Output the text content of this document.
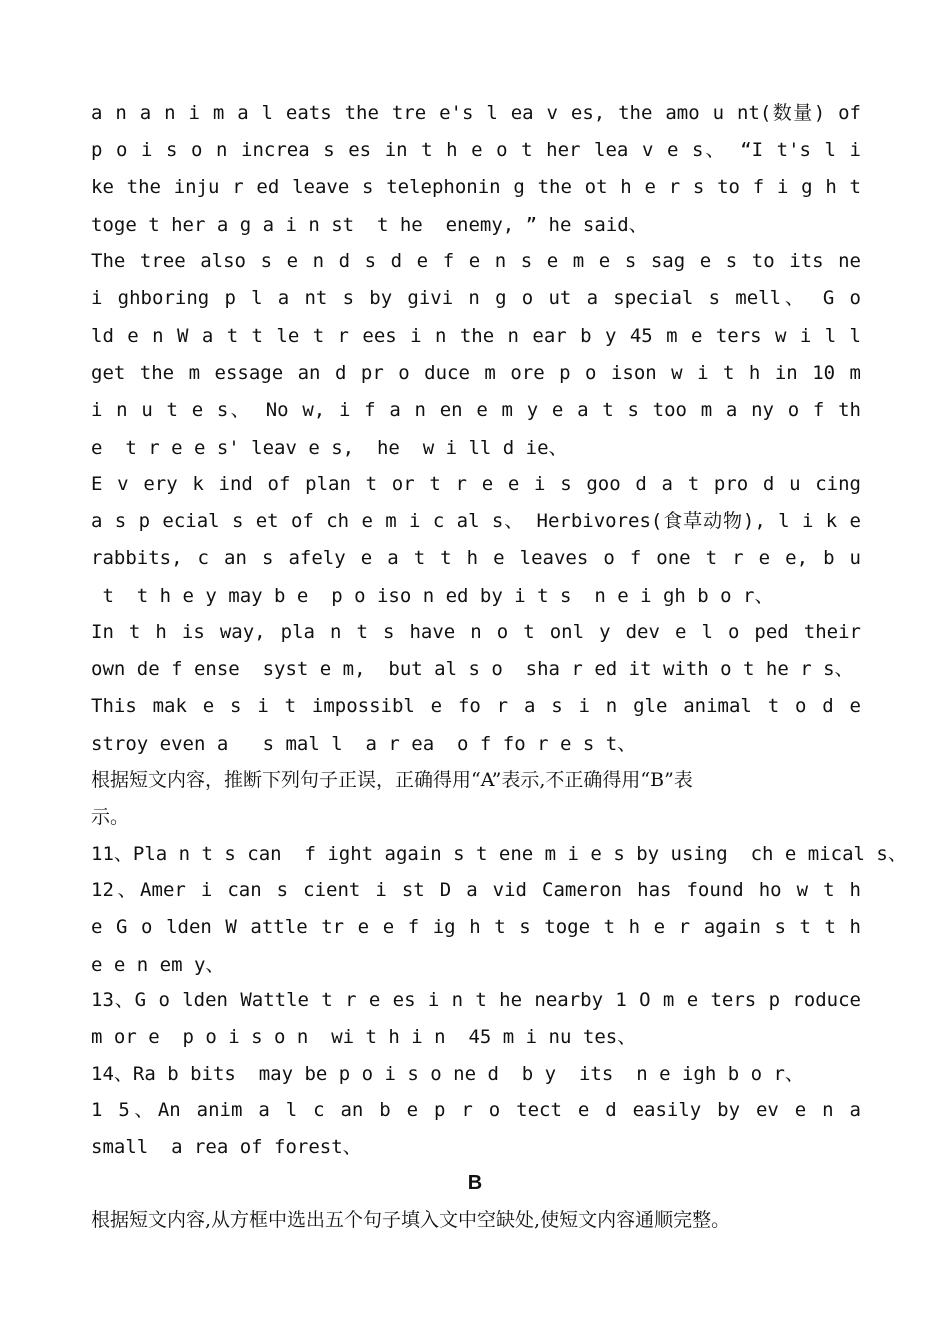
a n a n i m a l eats the tre e's l ea v es, the amo u nt(数量) of
p o i s o n increa s es in t h e o t her lea v e s、 “I t's l i
ke the inju r ed leave s telephonin g the ot h e r s to f i g h t
toge t her a g a i n st  t he  enemy, ” he said、
The tree also s e n d s d e f e n s e m e s sag e s to its ne
i ghboring p l a nt s by givi n g o ut a special s mell、 G o
ld e n W a t t le t r ees i n the n ear b y 45 m e ters w i l l
get the m essage an d pr o duce m ore p o ison w i t h in 10 m
i n u t e s、 No w, i f a n en e m y e a t s too m a ny o f th
e  t r e e s' leav e s,  he  w i ll d ie、
E v ery k ind of plan t or t r e e i s goo d a t pro d u cing
a s p ecial s et of ch e m i c al s、 Herbivores(食草动物), l i k e
rabbits, c an s afely e a t t h e leaves o f one t r e e, b u
t  t h e y may b e  p o iso n ed by i t s  n e i gh b o r、
In t h is way, pla n t s have n o t onl y dev e l o ped their
own de f ense  syst e m,  but al s o  sha r ed it with o t he r s、
This mak e s i t impossibl e fo r a s i n gle animal t o d e
stroy even a   s mal l  a r ea  o f fo r e s t、
根据短文内容，推断下列句子正误，正确得用“A”表示,不正确得用“B”表
示。
11、Pla n t s can  f ight again s t ene m i e s by using  ch e mical s、
12、Amer i can s cient i st D a vid Cameron has found ho w t h
e G o lden W attle tr e e f ig h t s toge t h e r again s t t h
e e n em y、
13、G o lden Wattle t r e es i n t he nearby 1 O m e ters p roduce
m or e  p o i s o n  wi t h i n  45 m i nu tes、
14、Ra b bits  may be p o i s o ne d  b y  its  n e igh b o r、
1 5、An anim a l c an b e p r o tect e d easily by ev e n a
small  a rea of forest、
B
根据短文内容,从方框中选出五个句子填入文中空缺处,使短文内容通顺完整。
